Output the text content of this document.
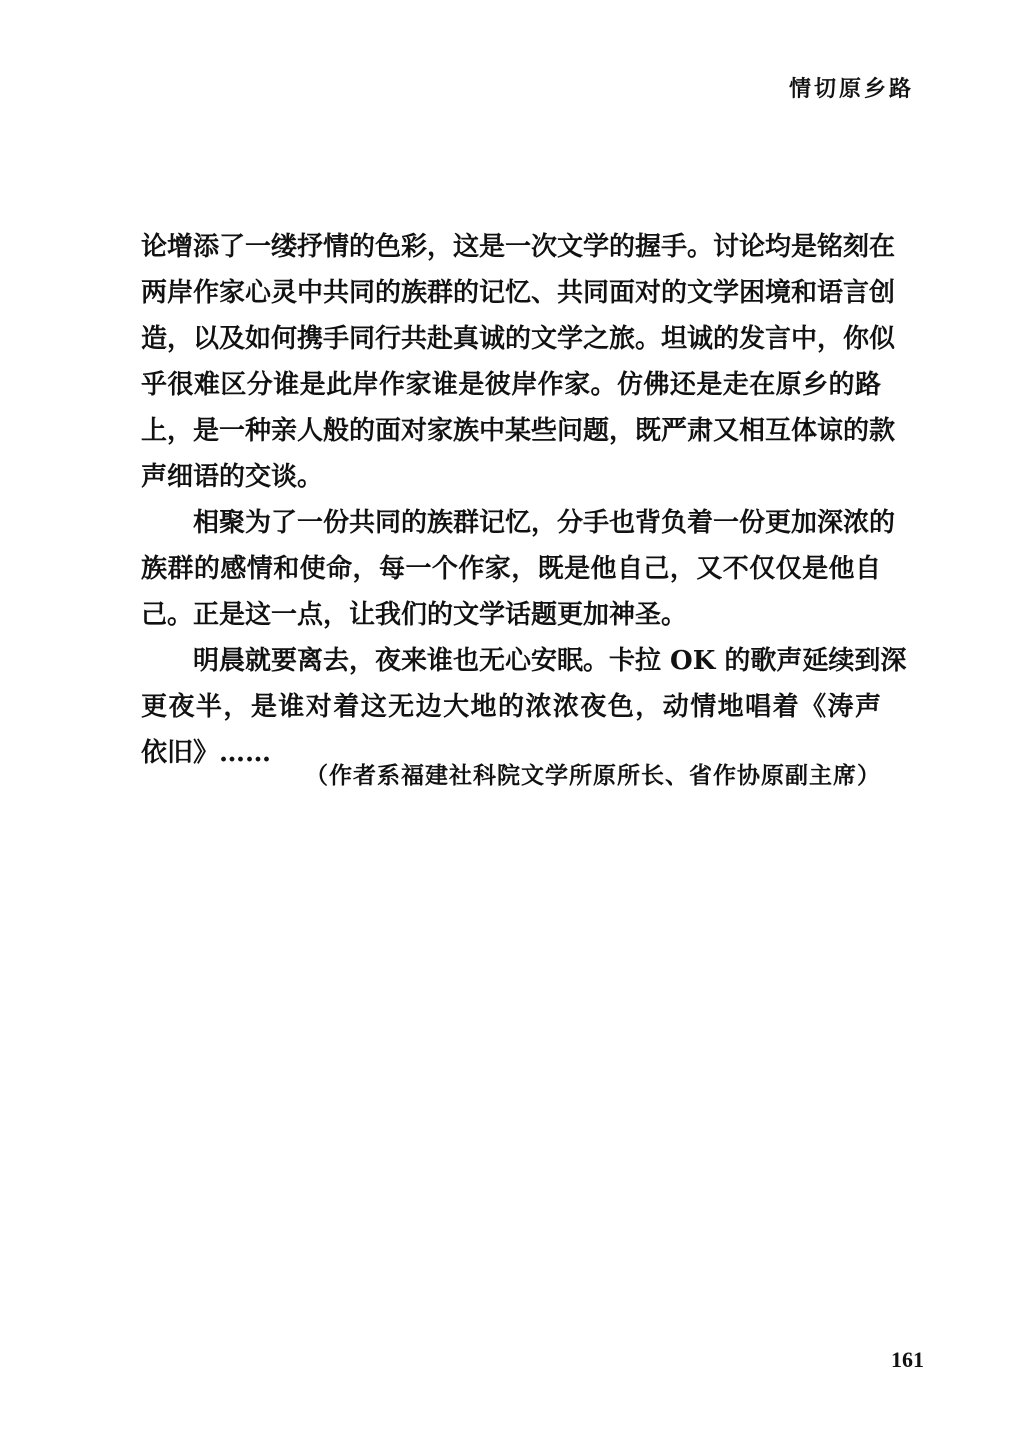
情切原乡路
论增添了一缕抒情的色彩，这是一次文学的握手。讨论均是铭刻在
两岸作家心灵中共同的族群的记忆、共同面对的文学困境和语言创
造，以及如何携手同行共赴真诚的文学之旅。坦诚的发言中，你似
乎很难区分谁是此岸作家谁是彼岸作家。仿佛还是走在原乡的路
上，是一种亲人般的面对家族中某些问题，既严肃又相互体谅的款
声细语的交谈。
相聚为了一份共同的族群记忆，分手也背负着一份更加深浓的
族群的感情和使命，每一个作家，既是他自己，又不仅仅是他自
己。正是这一点，让我们的文学话题更加神圣。
明晨就要离去，夜来谁也无心安眠。卡拉 OK 的歌声延续到深
更夜半，是谁对着这无边大地的浓浓夜色，动情地唱着《涛声
依旧》……
（作者系福建社科院文学所原所长、省作协原副主席）
161
